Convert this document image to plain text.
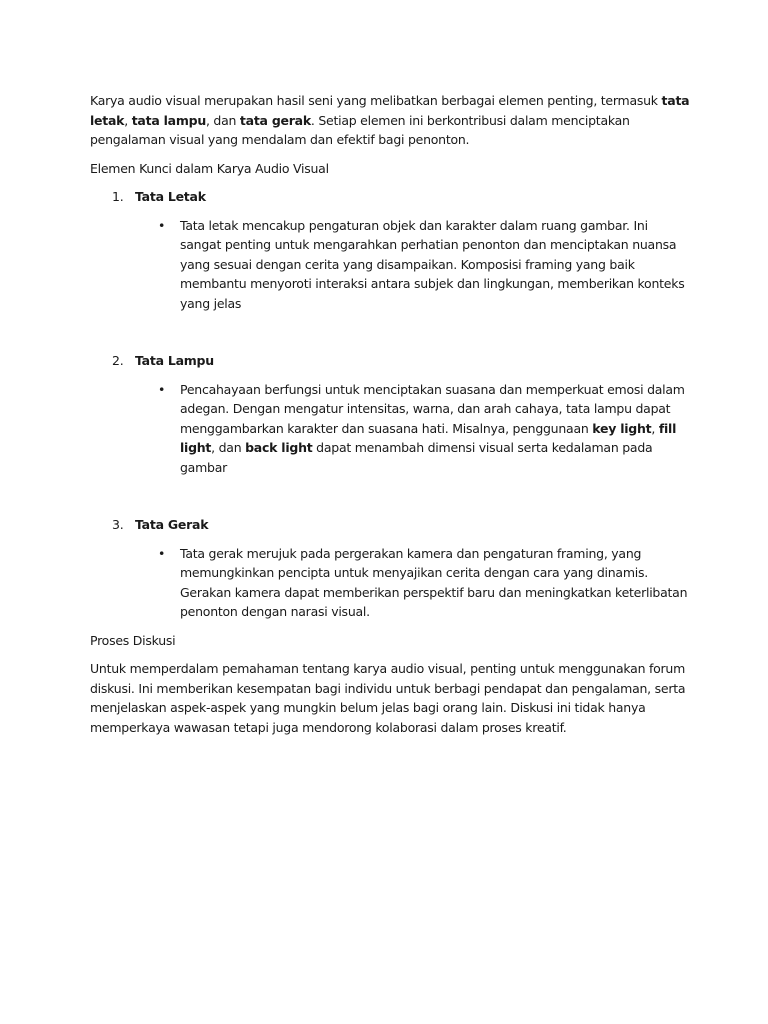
Karya audio visual merupakan hasil seni yang melibatkan berbagai elemen penting, termasuk tata letak, tata lampu, dan tata gerak. Setiap elemen ini berkontribusi dalam menciptakan pengalaman visual yang mendalam dan efektif bagi penonton.

Elemen Kunci dalam Karya Audio Visual

1. Tata Letak

• Tata letak mencakup pengaturan objek dan karakter dalam ruang gambar. Ini sangat penting untuk mengarahkan perhatian penonton dan menciptakan nuansa yang sesuai dengan cerita yang disampaikan. Komposisi framing yang baik membantu menyoroti interaksi antara subjek dan lingkungan, memberikan konteks yang jelas
2. Tata Lampu

• Pencahayaan berfungsi untuk menciptakan suasana dan memperkuat emosi dalam adegan. Dengan mengatur intensitas, warna, dan arah cahaya, tata lampu dapat menggambarkan karakter dan suasana hati. Misalnya, penggunaan key light, fill light, dan back light dapat menambah dimensi visual serta kedalaman pada gambar
3. Tata Gerak

• Tata gerak merujuk pada pergerakan kamera dan pengaturan framing, yang memungkinkan pencipta untuk menyajikan cerita dengan cara yang dinamis. Gerakan kamera dapat memberikan perspektif baru dan meningkatkan keterlibatan penonton dengan narasi visual.

Proses Diskusi

Untuk memperdalam pemahaman tentang karya audio visual, penting untuk menggunakan forum diskusi. Ini memberikan kesempatan bagi individu untuk berbagi pendapat dan pengalaman, serta menjelaskan aspek-aspek yang mungkin belum jelas bagi orang lain. Diskusi ini tidak hanya memperkaya wawasan tetapi juga mendorong kolaborasi dalam proses kreatif.
